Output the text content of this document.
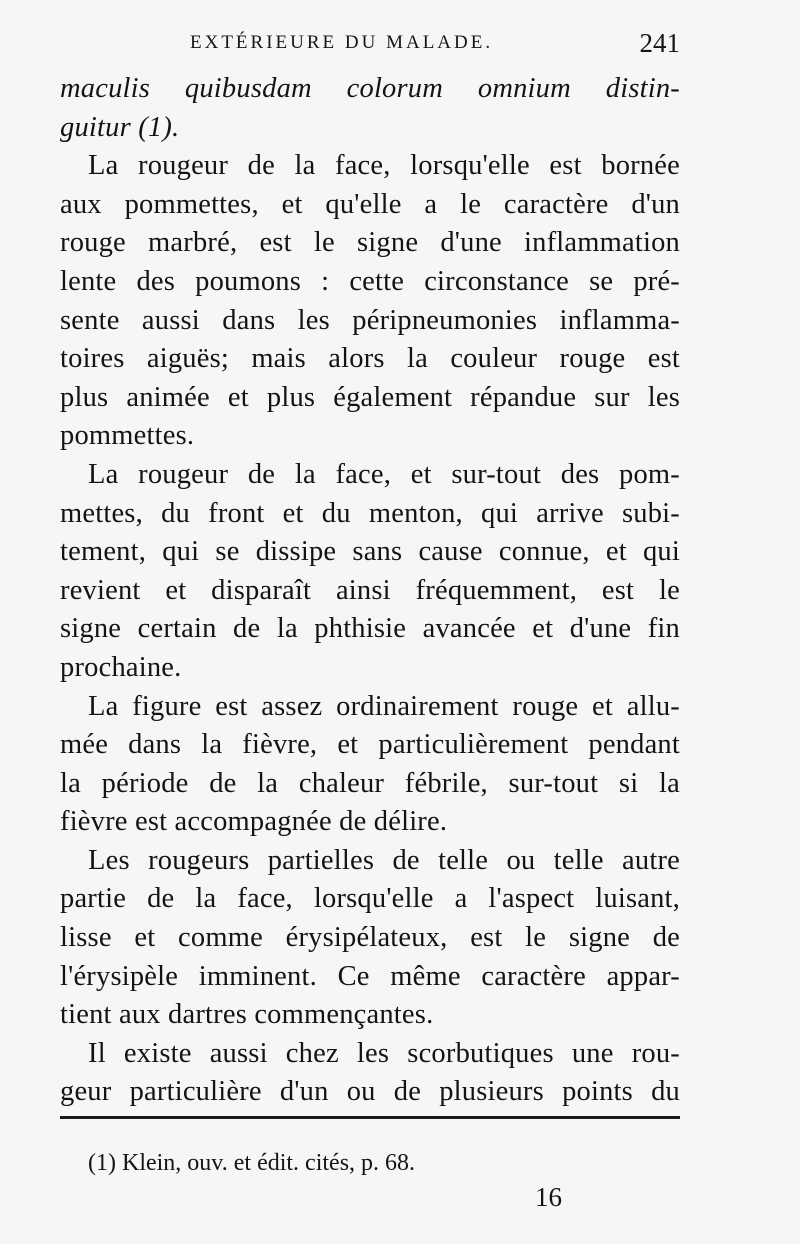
EXTÉRIEURE DU MALADE.	241
maculis quibusdam colorum omnium distin-
guitur (1).
La rougeur de la face, lorsqu'elle est bornée
aux pommettes, et qu'elle a le caractère d'un
rouge marbré, est le signe d'une inflammation
lente des poumons : cette circonstance se pré-
sente aussi dans les péripneumonies inflamma-
toires aiguës; mais alors la couleur rouge est
plus animée et plus également répandue sur les
pommettes.
La rougeur de la face, et sur-tout des pom-
mettes, du front et du menton, qui arrive subi-
tement, qui se dissipe sans cause connue, et qui
revient et disparaît ainsi fréquemment, est le
signe certain de la phthisie avancée et d'une fin
prochaine.
La figure est assez ordinairement rouge et allu-
mée dans la fièvre, et particulièrement pendant
la période de la chaleur fébrile, sur-tout si la
fièvre est accompagnée de délire.
Les rougeurs partielles de telle ou telle autre
partie de la face, lorsqu'elle a l'aspect luisant,
lisse et comme érysipélateux, est le signe de
l'érysipèle imminent. Ce même caractère appar-
tient aux dartres commençantes.
Il existe aussi chez les scorbutiques une rou-
geur particulière d'un ou de plusieurs points du
(1) Klein, ouv. et édit. cités, p. 68.
16
